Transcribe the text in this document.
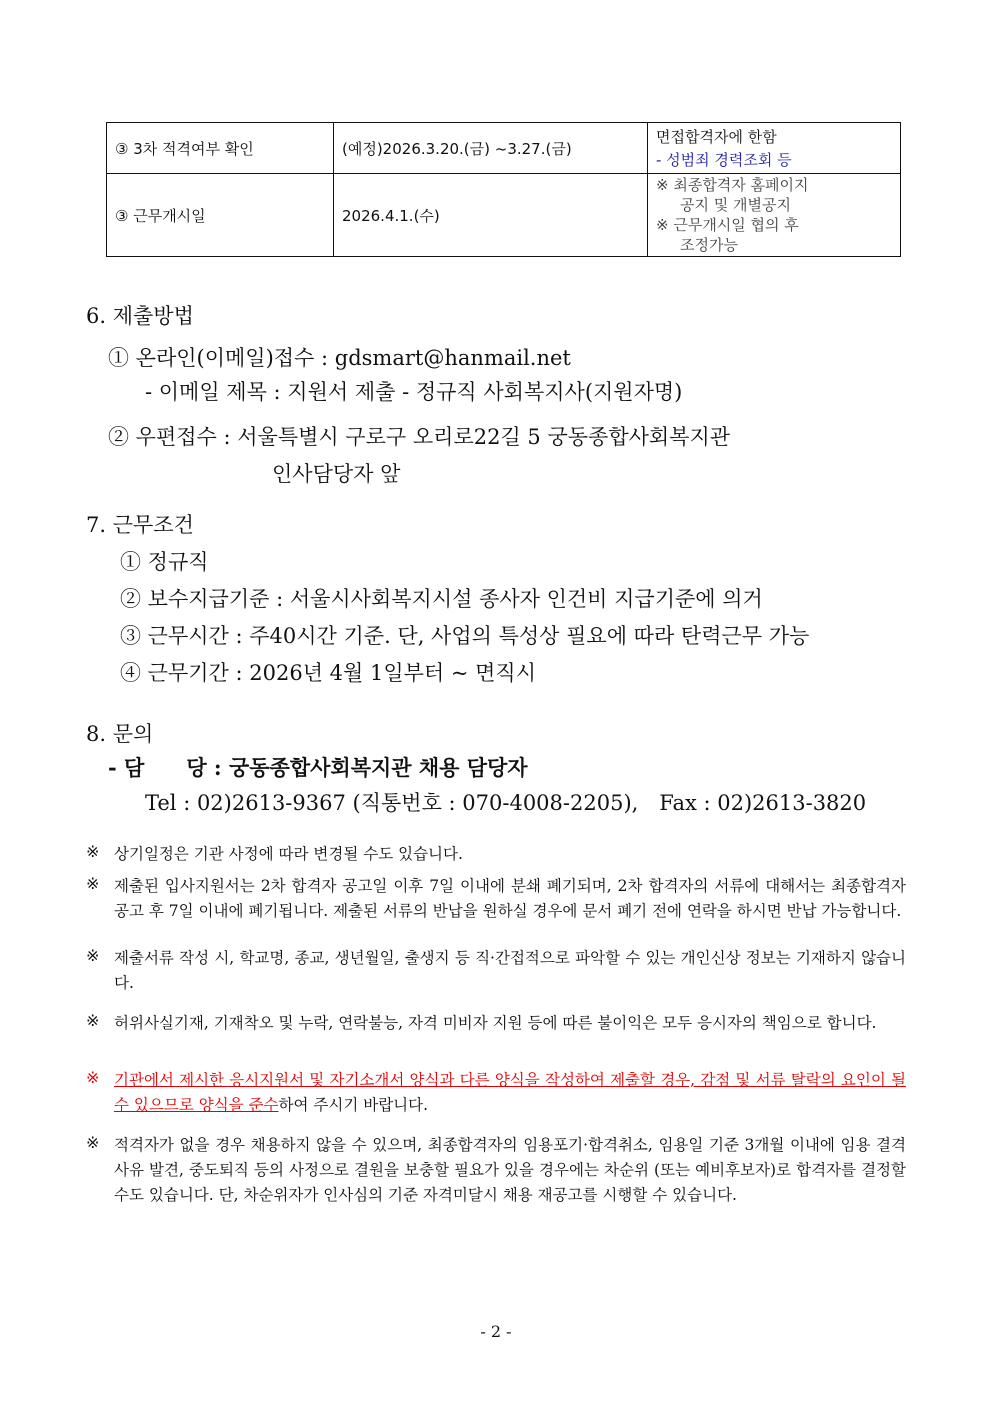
③ 3차 적격여부 확인	(예정)2026.3.20.(금) ~3.27.(금)	면접합격자에 한함
- 성범죄 경력조회 등

③ 근무개시일	2026.4.1.(수)	※ 최종합격자 홈페이지
공지 및 개별공지
※ 근무개시일 협의 후
조정가능
6. 제출방법
① 온라인(이메일)접수 : gdsmart@hanmail.net
- 이메일 제목 : 지원서 제출 - 정규직 사회복지사(지원자명)
② 우편접수 : 서울특별시 구로구 오리로22길 5 궁동종합사회복지관
인사담당자 앞
7. 근무조건
① 정규직
② 보수지급기준 : 서울시사회복지시설 종사자 인건비 지급기준에 의거
③ 근무시간 : 주40시간 기준. 단, 사업의 특성상 필요에 따라 탄력근무 가능
④ 근무기간 : 2026년 4월 1일부터 ~ 면직시
8. 문의
- 담　　당 : 궁동종합사회복지관 채용 담당자
Tel : 02)2613-9367 (직통번호 : 070-4008-2205),　Fax : 02)2613-3820
※ 상기일정은 기관 사정에 따라 변경될 수도 있습니다.
※ 제출된 입사지원서는 2차 합격자 공고일 이후 7일 이내에 분쇄 폐기되며, 2차 합격자의 서류에 대해서는 최종합격자 공고 후 7일 이내에 폐기됩니다. 제출된 서류의 반납을 원하실 경우에 문서 폐기 전에 연락을 하시면 반납 가능합니다.
※ 제출서류 작성 시, 학교명, 종교, 생년월일, 출생지 등 직·간접적으로 파악할 수 있는 개인신상 정보는 기재하지 않습니다.
※ 허위사실기재, 기재착오 및 누락, 연락불능, 자격 미비자 지원 등에 따른 불이익은 모두 응시자의 책임으로 합니다.
※ 기관에서 제시한 응시지원서 및 자기소개서 양식과 다른 양식을 작성하여 제출할 경우, 감점 및 서류 탈락의 요인이 될 수 있으므로 양식을 준수하여 주시기 바랍니다.
※ 적격자가 없을 경우 채용하지 않을 수 있으며, 최종합격자의 임용포기·합격취소, 임용일 기준 3개월 이내에 임용 결격사유 발견, 중도퇴직 등의 사정으로 결원을 보충할 필요가 있을 경우에는 차순위 (또는 예비후보자)로 합격자를 결정할 수도 있습니다. 단, 차순위자가 인사심의 기준 자격미달시 채용 재공고를 시행할 수 있습니다.
- 2 -
